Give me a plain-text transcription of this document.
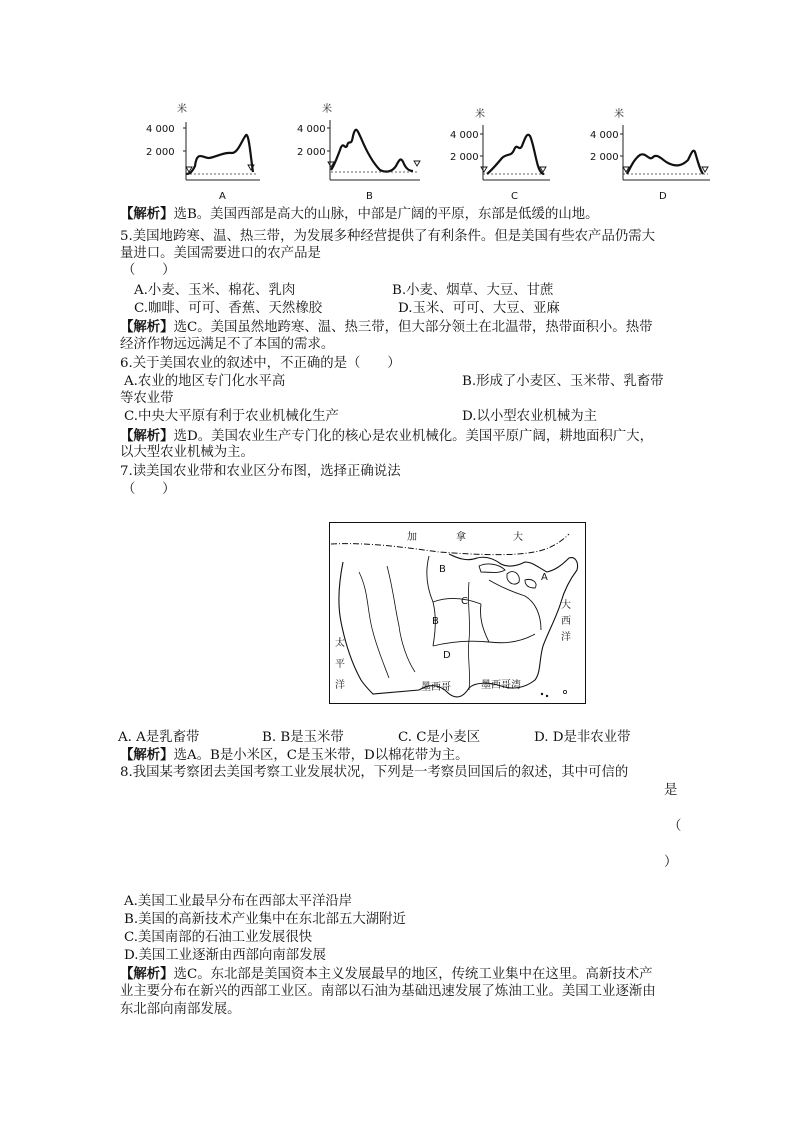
米
4 000
2 000
A
米
4 000
2 000
B
米
4 000
2 000
C
米
4 000
2 000
D
【解析】选B。美国西部是高大的山脉，中部是广阔的平原，东部是低缓的山地。
5.美国地跨寒、温、热三带，为发展多种经营提供了有利条件。但是美国有些农产品仍需大
量进口。美国需要进口的农产品是
（　　）
A.小麦、玉米、棉花、乳肉	B.小麦、烟草、大豆、甘蔗
C.咖啡、可可、香蕉、天然橡胶	D.玉米、可可、大豆、亚麻
【解析】选C。美国虽然地跨寒、温、热三带，但大部分领土在北温带，热带面积小。热带
经济作物远远满足不了本国的需求。
6.关于美国农业的叙述中，不正确的是（　　）
A.农业的地区专门化水平高	B.形成了小麦区、玉米带、乳畜带
等农业带
C.中央大平原有利于农业机械化生产	D.以小型农业机械为主
【解析】选D。美国农业生产专门化的核心是农业机械化。美国平原广阔，耕地面积广大，
以大型农业机械为主。
7.读美国农业带和农业区分布图，选择正确说法
（　　）
加	拿	大
大
西
洋
太
平
洋	墨西哥	墨西哥湾
A
B
B
C
D
A. A是乳畜带	B. B是玉米带	C. C是小麦区	D. D是非农业带
【解析】选A。B是小米区，C是玉米带，D以棉花带为主。
8.我国某考察团去美国考察工业发展状况，下列是一考察员回国后的叙述，其中可信的
是
（
）
A.美国工业最早分布在西部太平洋沿岸
B.美国的高新技术产业集中在东北部五大湖附近
C.美国南部的石油工业发展很快
D.美国工业逐渐由西部向南部发展
【解析】选C。东北部是美国资本主义发展最早的地区，传统工业集中在这里。高新技术产
业主要分布在新兴的西部工业区。南部以石油为基础迅速发展了炼油工业。美国工业逐渐由
东北部向南部发展。
